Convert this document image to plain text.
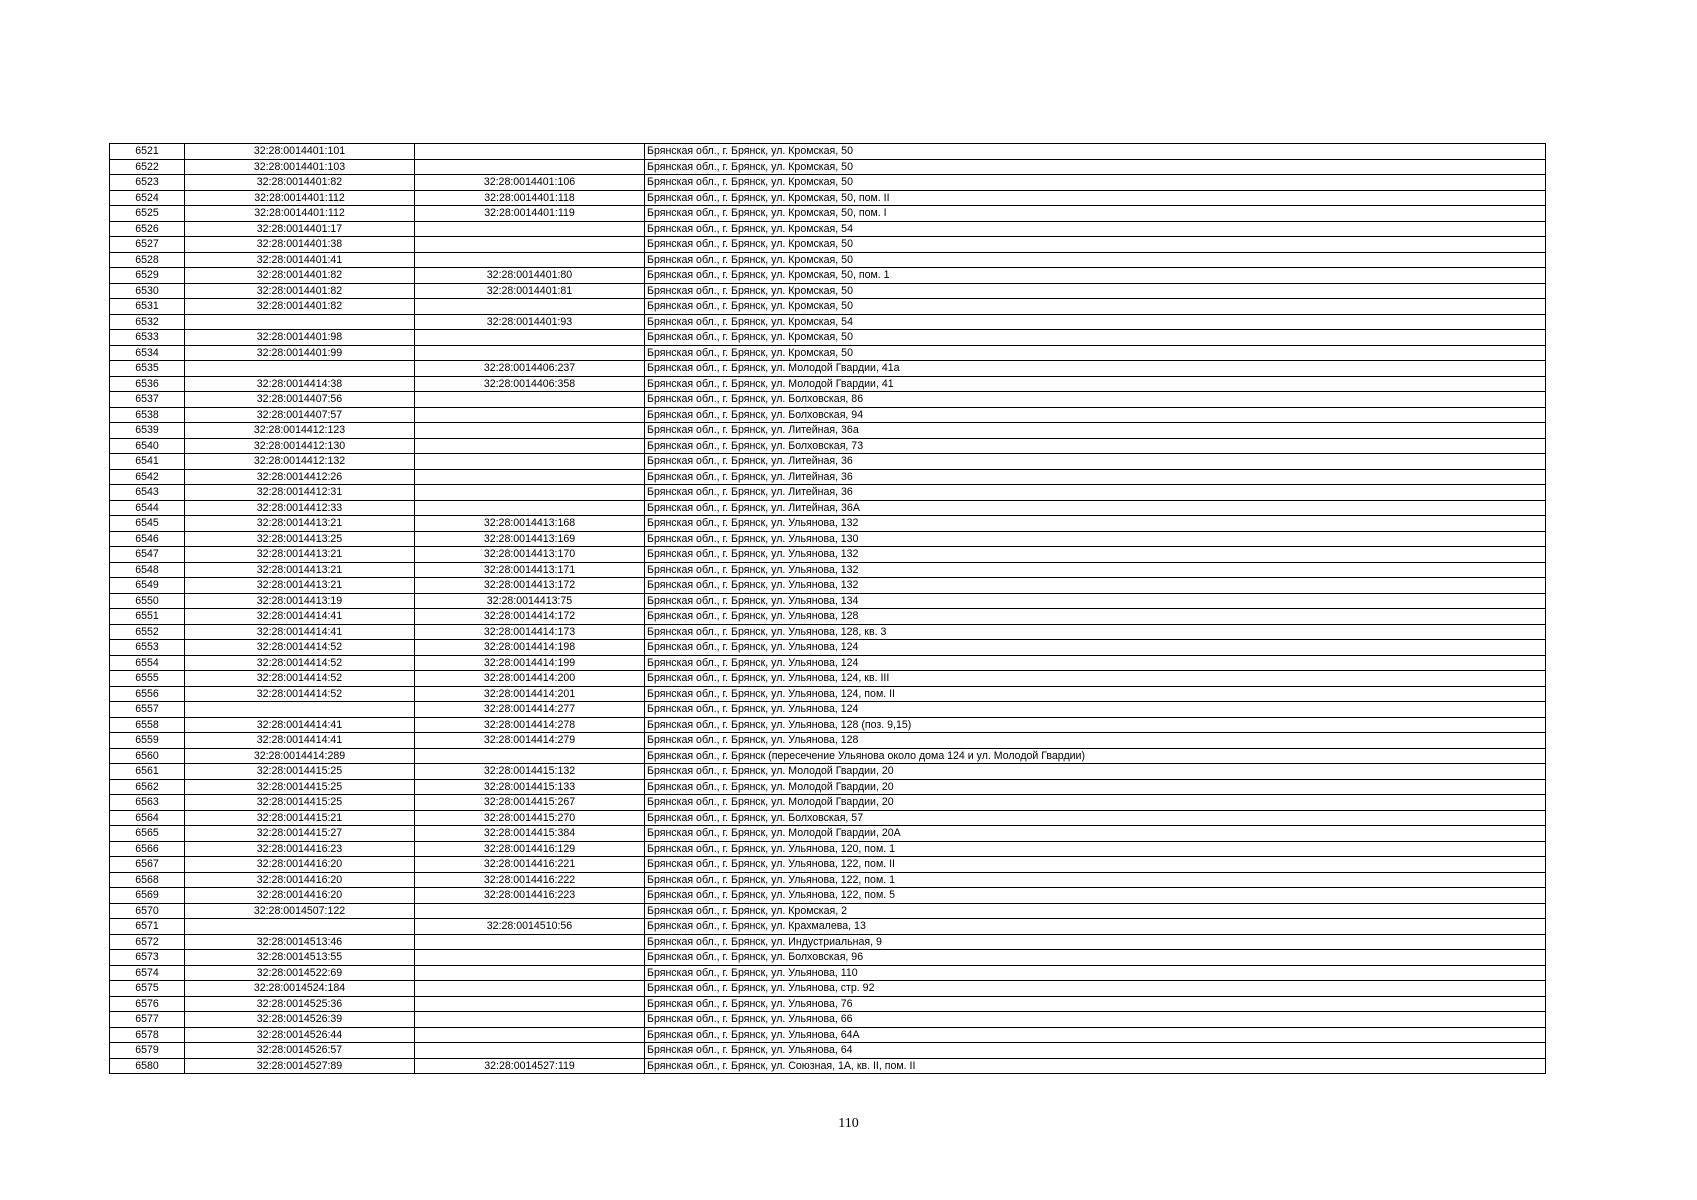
6521	32:28:0014401:101		Брянская обл., г. Брянск, ул. Кромская, 50
6522	32:28:0014401:103		Брянская обл., г. Брянск, ул. Кромская, 50
6523	32:28:0014401:82	32:28:0014401:106	Брянская обл., г. Брянск, ул. Кромская, 50
6524	32:28:0014401:112	32:28:0014401:118	Брянская обл., г. Брянск, ул. Кромская, 50, пом. II
6525	32:28:0014401:112	32:28:0014401:119	Брянская обл., г. Брянск, ул. Кромская, 50, пом. I
6526	32:28:0014401:17		Брянская обл., г. Брянск, ул. Кромская, 54
6527	32:28:0014401:38		Брянская обл., г. Брянск, ул. Кромская, 50
6528	32:28:0014401:41		Брянская обл., г. Брянск, ул. Кромская, 50
6529	32:28:0014401:82	32:28:0014401:80	Брянская обл., г. Брянск, ул. Кромская, 50, пом. 1
6530	32:28:0014401:82	32:28:0014401:81	Брянская обл., г. Брянск, ул. Кромская, 50
6531	32:28:0014401:82		Брянская обл., г. Брянск, ул. Кромская, 50
6532		32:28:0014401:93	Брянская обл., г. Брянск, ул. Кромская, 54
6533	32:28:0014401:98		Брянская обл., г. Брянск, ул. Кромская, 50
6534	32:28:0014401:99		Брянская обл., г. Брянск, ул. Кромская, 50
6535		32:28:0014406:237	Брянская обл., г. Брянск, ул. Молодой Гвардии, 41а
6536	32:28:0014414:38	32:28:0014406:358	Брянская обл., г. Брянск, ул. Молодой Гвардии, 41
6537	32:28:0014407:56		Брянская обл., г. Брянск, ул. Болховская, 86
6538	32:28:0014407:57		Брянская обл., г. Брянск, ул. Болховская, 94
6539	32:28:0014412:123		Брянская обл., г. Брянск, ул. Литейная, 36а
6540	32:28:0014412:130		Брянская обл., г. Брянск, ул. Болховская, 73
6541	32:28:0014412:132		Брянская обл., г. Брянск, ул. Литейная, 36
6542	32:28:0014412:26		Брянская обл., г. Брянск, ул. Литейная, 36
6543	32:28:0014412:31		Брянская обл., г. Брянск, ул. Литейная, 36
6544	32:28:0014412:33		Брянская обл., г. Брянск, ул. Литейная, 36А
6545	32:28:0014413:21	32:28:0014413:168	Брянская обл., г. Брянск, ул. Ульянова, 132
6546	32:28:0014413:25	32:28:0014413:169	Брянская обл., г. Брянск, ул. Ульянова, 130
6547	32:28:0014413:21	32:28:0014413:170	Брянская обл., г. Брянск, ул. Ульянова, 132
6548	32:28:0014413:21	32:28:0014413:171	Брянская обл., г. Брянск, ул. Ульянова, 132
6549	32:28:0014413:21	32:28:0014413:172	Брянская обл., г. Брянск, ул. Ульянова, 132
6550	32:28:0014413:19	32:28:0014413:75	Брянская обл., г. Брянск, ул. Ульянова, 134
6551	32:28:0014414:41	32:28:0014414:172	Брянская обл., г. Брянск, ул. Ульянова, 128
6552	32:28:0014414:41	32:28:0014414:173	Брянская обл., г. Брянск, ул. Ульянова, 128, кв. 3
6553	32:28:0014414:52	32:28:0014414:198	Брянская обл., г. Брянск, ул. Ульянова, 124
6554	32:28:0014414:52	32:28:0014414:199	Брянская обл., г. Брянск, ул. Ульянова, 124
6555	32:28:0014414:52	32:28:0014414:200	Брянская обл., г. Брянск, ул. Ульянова, 124, кв. III
6556	32:28:0014414:52	32:28:0014414:201	Брянская обл., г. Брянск, ул. Ульянова, 124, пом. II
6557		32:28:0014414:277	Брянская обл., г. Брянск, ул. Ульянова, 124
6558	32:28:0014414:41	32:28:0014414:278	Брянская обл., г. Брянск, ул. Ульянова, 128 (поз. 9,15)
6559	32:28:0014414:41	32:28:0014414:279	Брянская обл., г. Брянск, ул. Ульянова, 128
6560	32:28:0014414:289		Брянская обл., г. Брянск (пересечение Ульянова около дома 124 и ул. Молодой Гвардии)
6561	32:28:0014415:25	32:28:0014415:132	Брянская обл., г. Брянск, ул. Молодой Гвардии, 20
6562	32:28:0014415:25	32:28:0014415:133	Брянская обл., г. Брянск, ул. Молодой Гвардии, 20
6563	32:28:0014415:25	32:28:0014415:267	Брянская обл., г. Брянск, ул. Молодой Гвардии, 20
6564	32:28:0014415:21	32:28:0014415:270	Брянская обл., г. Брянск, ул. Болховская, 57
6565	32:28:0014415:27	32:28:0014415:384	Брянская обл., г. Брянск, ул. Молодой Гвардии, 20А
6566	32:28:0014416:23	32:28:0014416:129	Брянская обл., г. Брянск, ул. Ульянова, 120, пом. 1
6567	32:28:0014416:20	32:28:0014416:221	Брянская обл., г. Брянск, ул. Ульянова, 122, пом. II
6568	32:28:0014416:20	32:28:0014416:222	Брянская обл., г. Брянск, ул. Ульянова, 122, пом. 1
6569	32:28:0014416:20	32:28:0014416:223	Брянская обл., г. Брянск, ул. Ульянова, 122, пом. 5
6570	32:28:0014507:122		Брянская обл., г. Брянск, ул. Кромская, 2
6571		32:28:0014510:56	Брянская обл., г. Брянск, ул. Крахмалева, 13
6572	32:28:0014513:46		Брянская обл., г. Брянск, ул. Индустриальная, 9
6573	32:28:0014513:55		Брянская обл., г. Брянск, ул. Болховская, 96
6574	32:28:0014522:69		Брянская обл., г. Брянск, ул. Ульянова, 110
6575	32:28:0014524:184		Брянская обл., г. Брянск, ул. Ульянова, стр. 92
6576	32:28:0014525:36		Брянская обл., г. Брянск, ул. Ульянова, 76
6577	32:28:0014526:39		Брянская обл., г. Брянск, ул. Ульянова, 66
6578	32:28:0014526:44		Брянская обл., г. Брянск, ул. Ульянова, 64А
6579	32:28:0014526:57		Брянская обл., г. Брянск, ул. Ульянова, 64
6580	32:28:0014527:89	32:28:0014527:119	Брянская обл., г. Брянск, ул. Союзная, 1А, кв. II, пом. II
110
